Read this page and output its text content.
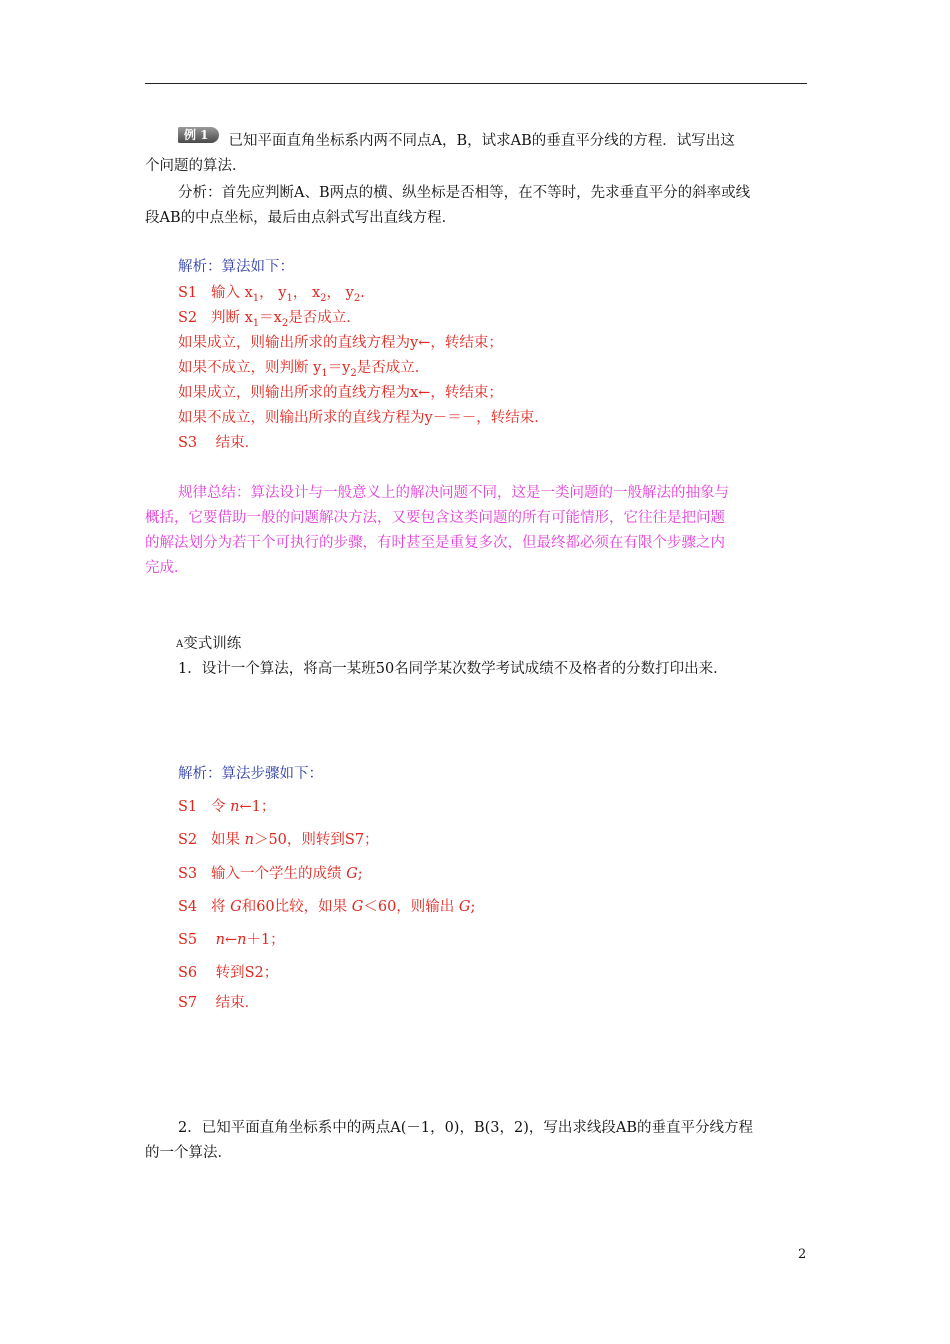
例 1 已知平面直角坐标系内两不同点A，B，试求AB的垂直平分线的方程．试写出这
个问题的算法．
分析：首先应判断A、B两点的横、纵坐标是否相等，在不等时，先求垂直平分的斜率或线
段AB的中点坐标，最后由点斜式写出直线方程．
解析：算法如下：
S1 输入 $x_1$， $y_1$， $x_2$， $y_2$.
S2 判断 $x_1=x_2$是否成立．
如果成立，则输出所求的直线方程为y←，转结束；
如果不成立，则判断 $y_1=y_2$是否成立．
如果成立，则输出所求的直线方程为x←，转结束；
如果不成立，则输出所求的直线方程为y－＝－，转结束．
S3 结束．
规律总结：算法设计与一般意义上的解决问题不同，这是一类问题的一般解法的抽象与
概括，它要借助一般的问题解决方法，又要包含这类问题的所有可能情形，它往往是把问题
的解法划分为若干个可执行的步骤，有时甚至是重复多次，但最终都必须在有限个步骤之内
完成．
A变式训练
1．设计一个算法，将高一某班50名同学某次数学考试成绩不及格者的分数打印出来．
解析：算法步骤如下：
S1 令 n←1；
S2 如果 n＞50，则转到S7；
S3 输入一个学生的成绩 G;
S4 将 G和60比较，如果 G＜60，则输出 G;
S5 n←n＋1；
S6 转到S2；
S7 结束．
2．已知平面直角坐标系中的两点A(－1，0)，B(3，2)，写出求线段AB的垂直平分线方程
的一个算法．
2
